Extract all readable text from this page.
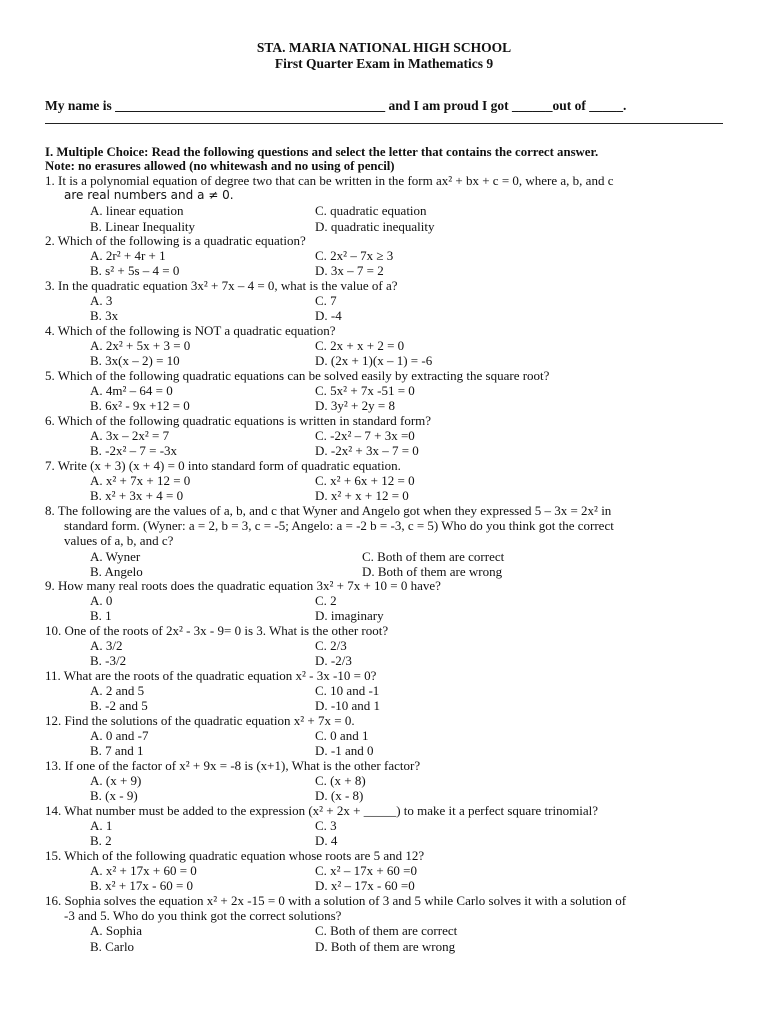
STA. MARIA NATIONAL HIGH SCHOOL
First Quarter Exam in Mathematics 9
My name is ________________________________________ and I am proud I got ______out of _____.
I. Multiple Choice: Read the following questions and select the letter that contains the correct answer.
Note: no erasures allowed (no whitewash and no using of pencil)
1. It is a polynomial equation of degree two that can be written in the form ax² + bx + c = 0, where a, b, and c
are real numbers and a ≠ 0.
A. linear equation	C. quadratic equation
B. Linear Inequality	D. quadratic inequality
2. Which of the following is a quadratic equation?
A. 2r² + 4r + 1	C. 2x² – 7x ≥ 3
B. s² + 5s – 4 = 0	D. 3x – 7 = 2
3. In the quadratic equation 3x² + 7x – 4 = 0, what is the value of a?
A. 3	C. 7
B. 3x	D. -4
4. Which of the following is NOT a quadratic equation?
A. 2x² + 5x + 3 = 0	C. 2x + x + 2 = 0
B. 3x(x – 2) = 10	D. (2x + 1)(x – 1) = -6
5. Which of the following quadratic equations can be solved easily by extracting the square root?
A. 4m² – 64 = 0	C. 5x² + 7x -51 = 0
B. 6x² - 9x +12 = 0	D. 3y² + 2y = 8
6. Which of the following quadratic equations is written in standard form?
A. 3x – 2x² = 7	C. -2x² – 7 + 3x =0
B. -2x² – 7 = -3x	D. -2x² + 3x – 7 = 0
7. Write (x + 3) (x + 4) = 0 into standard form of quadratic equation.
A. x² + 7x + 12 = 0	C. x² + 6x + 12 = 0
B. x² + 3x + 4 = 0	D. x² + x + 12 = 0
8. The following are the values of a, b, and c that Wyner and Angelo got when they expressed 5 – 3x = 2x² in
standard form. (Wyner: a = 2, b = 3, c = -5; Angelo: a = -2 b = -3, c = 5) Who do you think got the correct
values of a, b, and c?
A. Wyner	C. Both of them are correct
B. Angelo	D. Both of them are wrong
9. How many real roots does the quadratic equation 3x² + 7x + 10 = 0 have?
A. 0	C. 2
B. 1	D. imaginary
10. One of the roots of 2x² - 3x - 9= 0 is 3. What is the other root?
A. 3/2	C. 2/3
B. -3/2	D. -2/3
11. What are the roots of the quadratic equation x² - 3x -10 = 0?
A. 2 and 5	C. 10 and -1
B. -2 and 5	D. -10 and 1
12. Find the solutions of the quadratic equation x² + 7x = 0.
A. 0 and -7	C. 0 and 1
B. 7 and 1	D. -1 and 0
13. If one of the factor of x² + 9x = -8 is (x+1), What is the other factor?
A. (x + 9)	C. (x + 8)
B. (x - 9)	D. (x - 8)
14. What number must be added to the expression (x² + 2x + _____) to make it a perfect square trinomial?
A. 1	C. 3
B. 2	D. 4
15. Which of the following quadratic equation whose roots are 5 and 12?
A. x² + 17x + 60 = 0	C. x² – 17x + 60 =0
B. x² + 17x - 60 = 0	D. x² – 17x - 60 =0
16. Sophia solves the equation x² + 2x -15 = 0 with a solution of 3 and 5 while Carlo solves it with a solution of
-3 and 5. Who do you think got the correct solutions?
A. Sophia	C. Both of them are correct
B. Carlo	D. Both of them are wrong
